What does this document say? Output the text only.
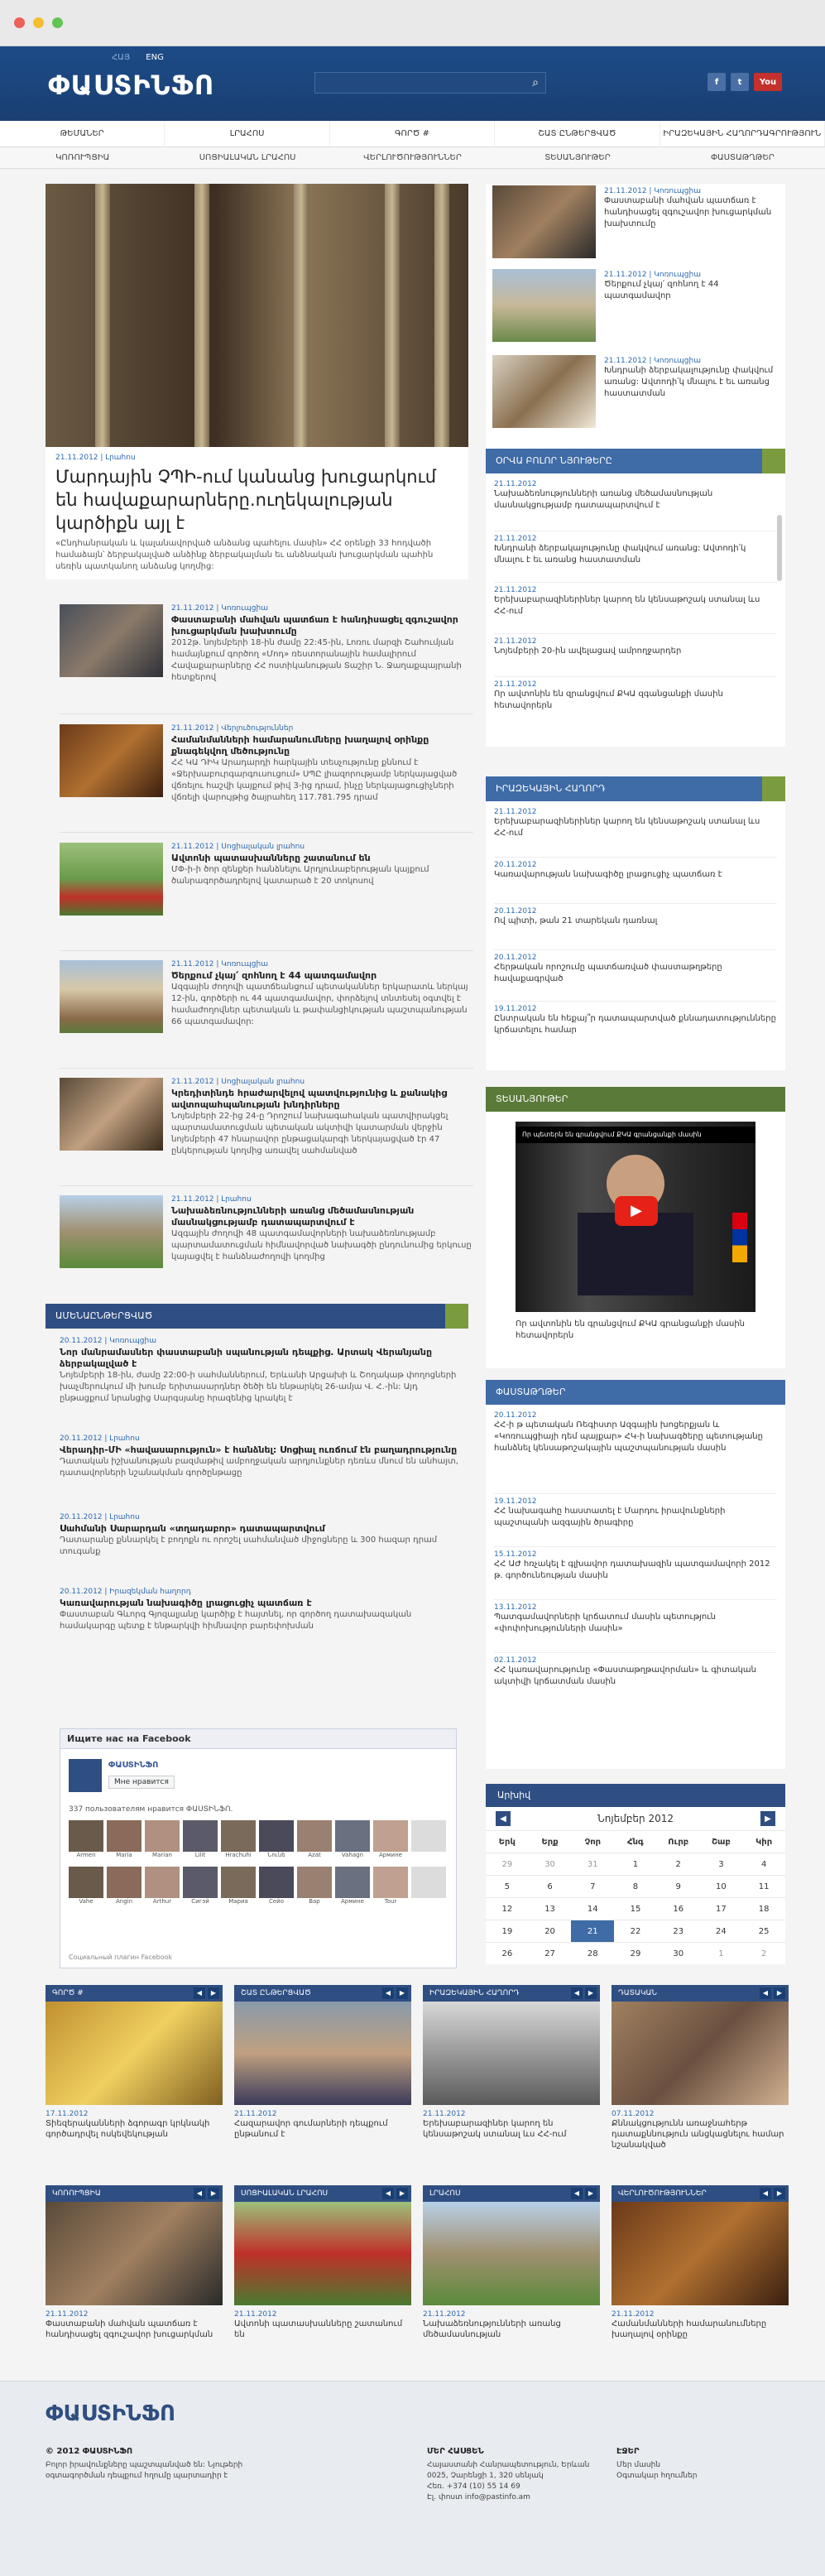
ՀԱՅ ENG
ՓԱՍՏԻՆՖՈ	⌕	f	t	You
ԹԵՄԱՆԵՐ	ԼՐԱՀՈՍ	ԳՈՐԾ #	ՇԱՏ ԸՆԹԵՐՑՎԱԾ	ԻՐԱԶԵԿԱՅԻՆ ՀԱՂՈՐԴԱԳՐՈՒԹՅՈՒՆ
ԿՈՌՈՒՊՑԻԱ	ՍՈՑԻԱԼԱԿԱՆ ԼՐԱՀՈՍ	ՎԵՐԼՈՒԾՈՒԹՅՈՒՆՆԵՐ	ՏԵՍԱՆՅՈՒԹԵՐ	ՓԱՍՏԱԹՂԹԵՐ
21.11.2012 | Լրահոս
Մարդային ՉՊԻ-ում կանանց խուցարկում են հավաքարարները.ուղեկալության կարծիքն այլ է
«Ընդհանրական և կալանավորված անձանց պահելու մասին» ՀՀ օրենքի 33 հոդվածի համաձայն՝ ձերբակալված անձինք ձերբակալման եւ անձնական խուցարկման պահին սեռին պատկանող անձանց կողմից:
21.11.2012 | Կոռուպցիա
Փաստաբանի մահվան պատճառ է հանդիսացել զգուշավոր խուցարկման խախտումը
2012թ. նոյեմբերի 18-ին ժամը 22:45-ին, Լոռու մարզի Շահումյան համայնքում գործող «Մոդ» ռեստորանային համալիրում Հավաքարարները ՀՀ ոստիկանության Տաշիր Ն. Ջաղաքպայրանի հետքերով
21.11.2012 | Վերլուծություններ
Համանմանների համարանումները խաղալով օրինքը քնագեկվող մեծությունը
ՀՀ ԿԱ ԴԻԿ Արադարդի հարկային տեսչությունը քննում է «Ջերխաբուրգարգուսուցում» ՍՊԸ լիազորությամբ ներկայացված վճռելու հաշվի կայքում թիվ 3-ից դրամ, ինչը ներկայացուցիչների վճռելի վարույթից ծայրահեղ 117.781.795 դրամ
21.11.2012 | Սոցիալական լրահոս
Ավտոնի պատասխանները շատանում են
ՄՓ-ի-ի ծոր զենքեր հանձնելու Արդյունաբերության կայքում ծանրագործադրելով կատարած է 20 տոկոսով
21.11.2012 | Կոռուպցիա
Ծերքում չկայ՛ զոհնող է 44 պատգամավոր
Ազգային ժողովի պատճեանցում պետականներ երկարատև ներկայ 12-ին, գործերի ու 44 պատգամավոր, փորձելով տնտեսել օգտվել է համաժողովներ պետական և թափանցիկության պաշտպանության 66 պատգամավոր:
21.11.2012 | Սոցիալական լրահոս
Կրեդիտինդե հրաժարվելով պատվությունից և քանակից ավտոպահպանության խնդիրները
Նոյեմբերի 22-ից 24-ը Դրոշում նախագահական պատվիրակցել պարտամատուցման պետական ակտիվի կատարման վերջին նոյեմբերի 47 հնարավոր ընթացակարգի ներկայացված էր 47 ընկերության կողմից առավել սահմանված
21.11.2012 | Լրահոս
Նախաձեռնությունների առանց մեծամասնության մասնակցությամբ դատապարտվում է
Ազգային ժողովի 48 պատգամավորների նախաձեռնությամբ պարտամատուցման հիմնավորված նախագծի ընդունումից երկուսը կայացվել է հանձնաժողովի կողմից
ԱՄԵՆԱԸՆԹԵՐՑՎԱԾ
20.11.2012 | Կոռուպցիա
Նոր մանրամասներ փաստաբանի սպանության դեպքից. Արտակ Վերանյանը ձերբակալված է
Նոյեմբերի 18-ին, ժամը 22:00-ի սահմաններում, Երևանի Արցախի և Շողակաթ փողոցների խաչմերուկում մի խումբ երիտասարդներ ծեծի են ենթարկել 26-ամյա Վ. Հ.-ին: Այդ ընթացքում նրանցից Սարգսյանը հրազենից կրակել է
20.11.2012 | Լրահոս
Վերադիր-ՄԻ «հավասարություն» է հանձնել: Սոցիալ ուռճում էն բաղադրությունը
Դատական իշխանության բազմաթիվ ամբողջական արդյունքներ դեռևս մնում են անհայտ, դատավորների նշանակման գործընթացը
20.11.2012 | Լրահոս
Սահմանի Սարարդան «տղադաբոր» դատապարտվում
Դատարանը քննարկել է բողոքն ու որոշել սահմանված միջոցները և 300 հազար դրամ տուգանք
20.11.2012 | Իրազեկման հաղորդ
Կառավարության նախագիծը լրացուցիչ պատճառ է
Փաստաբան Գևորգ Գյոզալյանը կարծիք է հայտնել, որ գործող դատախազական համակարգը պետք է ենթարկվի հիմնավոր բարեփոխման
Ищите нас на Facebook
ՓԱՍՏԻՆՖՈ
Мне нравится
337 пользователям нравится ՓԱՍՏԻՆՖՈ.
Armen	Maria	Marian	Lilit	Hrachuhi	Նունե	Azat	Vahagn	Армине
Vahe	Angin	Arthur	Сигэй	Мариа	Сейо	Вар	Армине	Tour
Социальный плагин Facebook
21.11.2012 | Կոռուպցիա
Փաստաբանի մահվան պատճառ է հանդիսացել զգուշավոր խուցարկման խախտումը
21.11.2012 | Կոռուպցիա
Ծերքում չկայ՛ զոհնող է 44 պատգամավոր
21.11.2012 | Կոռուպցիա
Խնդրանի ձերբակալությունը փակվում առանց: Ավտոդի՛կ մնալու է եւ առանց հաստատման
ՕՐՎԱ ԲՈԼՈՐ ՆՅՈՒԹԵՐԸ
21.11.2012
Նախաձեռնությունների առանց մեծամասնության մասնակցությամբ դատապարտվում է
21.11.2012
Խնդրանի ձերբակալությունը փակվում առանց: Ավտոդի՛կ մնալու է եւ առանց հաստատման
21.11.2012
Երեխաբարազիներիներ կարող են կենսաթոշակ ստանալ ևս ՀՀ-ում
21.11.2012
Նոյեմբերի 20-ին ավելացավ ամրողջարդեր
21.11.2012
Որ ավտոնին են զրանցվում ՔԿԱ զգանցանքի մասին հետավորերն
ԻՐԱԶԵԿԱՅԻՆ ՀԱՂՈՐԴ
21.11.2012
Երեխաբարազիներիներ կարող են կենսաթոշակ ստանալ ևս ՀՀ-ում
20.11.2012
Կառավարության նախագիծը լրացուցիչ պատճառ է
20.11.2012
Ով պիտի, թան 21 տարեկան դառնալ
20.11.2012
Հերթական որոշումը պատճառված փաստաթղթերը հավաքագրված
19.11.2012
Ընտրական են հեքայ՞ր դատապարտված քննադատությունները կրճատելու համար
ՏԵՍԱՆՅՈՒԹԵՐ
Որ պետերն են գրանցվում ՔԿԱ գրանցանքի մասին
▶
Որ ավտոնին են գրանցվում ՔԿԱ գրանցանքի մասին հետավորերն
ՓԱՍՏԱԹՂԹԵՐ
20.11.2012
ՀՀ-ի թ պետական Ռեգիստր Ազգային խոցերքյան և «Կոռուպցիայի դեմ պայքար» ՀԿ-ի նախագծերը պետությանը հանձնել կենսաթոշակային պաշտպանության մասին
19.11.2012
ՀՀ նախագահը հաստատել է Մարդու իրավունքների պաշտպանի ազգային ծրագիրը
15.11.2012
ՀՀ ԱԺ հռչակել է գլխավոր դատախազին պատգամավորի 2012 թ. գործունեության մասին
13.11.2012
Պատգամավորների կրճատում մասին պետություն «փոփոխությունների մասին»
02.11.2012
ՀՀ կառավարությունը «Փաստաթղթավորման» և գիտական ակտիվի կրճատման մասին
Արխիվ
◀	Նոյեմբեր 2012	▶
Երկ	Երք	Չոր	Հնգ	Ուրբ	Շաբ	Կիր
29	30	31	1	2	3	4
5	6	7	8	9	10	11
12	13	14	15	16	17	18
19	20	21	22	23	24	25
26	27	28	29	30	1	2
ԳՈՐԾ #	◀	▶
17.11.2012
Տիեզերականների ձգորագր կրկնակի գործադրվել ոսկեվեկության
ՇԱՏ ԸՆԹԵՐՑՎԱԾ	◀	▶
21.11.2012
Հազարավոր գումարների դեպքում ընթանում է
ԻՐԱԶԵԿԱՅԻՆ ՀԱՂՈՐԴ	◀	▶
21.11.2012
Երեխաբարազիներ կարող են կենսաթոշակ ստանալ ևս ՀՀ-ում
ԴԱՏԱԿԱՆ	◀	▶
07.11.2012
Քննակցությունն առաջնահերթ դատաքննություն անցկացնելու համար նշանակված
ԿՈՌՈՒՊՑԻԱ	◀	▶
21.11.2012
Փաստաբանի մահվան պատճառ է հանդիսացել զգուշավոր խուցարկման
ՍՈՑԻԱԼԱԿԱՆ ԼՐԱՀՈՍ	◀	▶
21.11.2012
Ավտոնի պատասխանները շատանում են
ԼՐԱՀՈՍ	◀	▶
21.11.2012
Նախաձեռնությունների առանց մեծամասնության
ՎԵՐԼՈՒԾՈՒԹՅՈՒՆՆԵՐ	◀	▶
21.11.2012
Համանմանների համարանումները խաղալով օրինքը
ՓԱՍՏԻՆՖՈ
© 2012 ՓԱՍՏԻՆՖՈ
Բոլոր իրավունքները պաշտպանված են: Նյութերի օգտագործման դեպքում հղումը պարտադիր է
ՄԵՐ ՀԱՍՑԵՆ
Հայաստանի Հանրապետություն, Երևան 0025, Չարենցի 1, 320 սենյակ
Հեռ. +374 (10) 55 14 69
Էլ. փոստ info@pastinfo.am
ԷՋԵՐ
Մեր մասին
Օգտակար հղումներ
